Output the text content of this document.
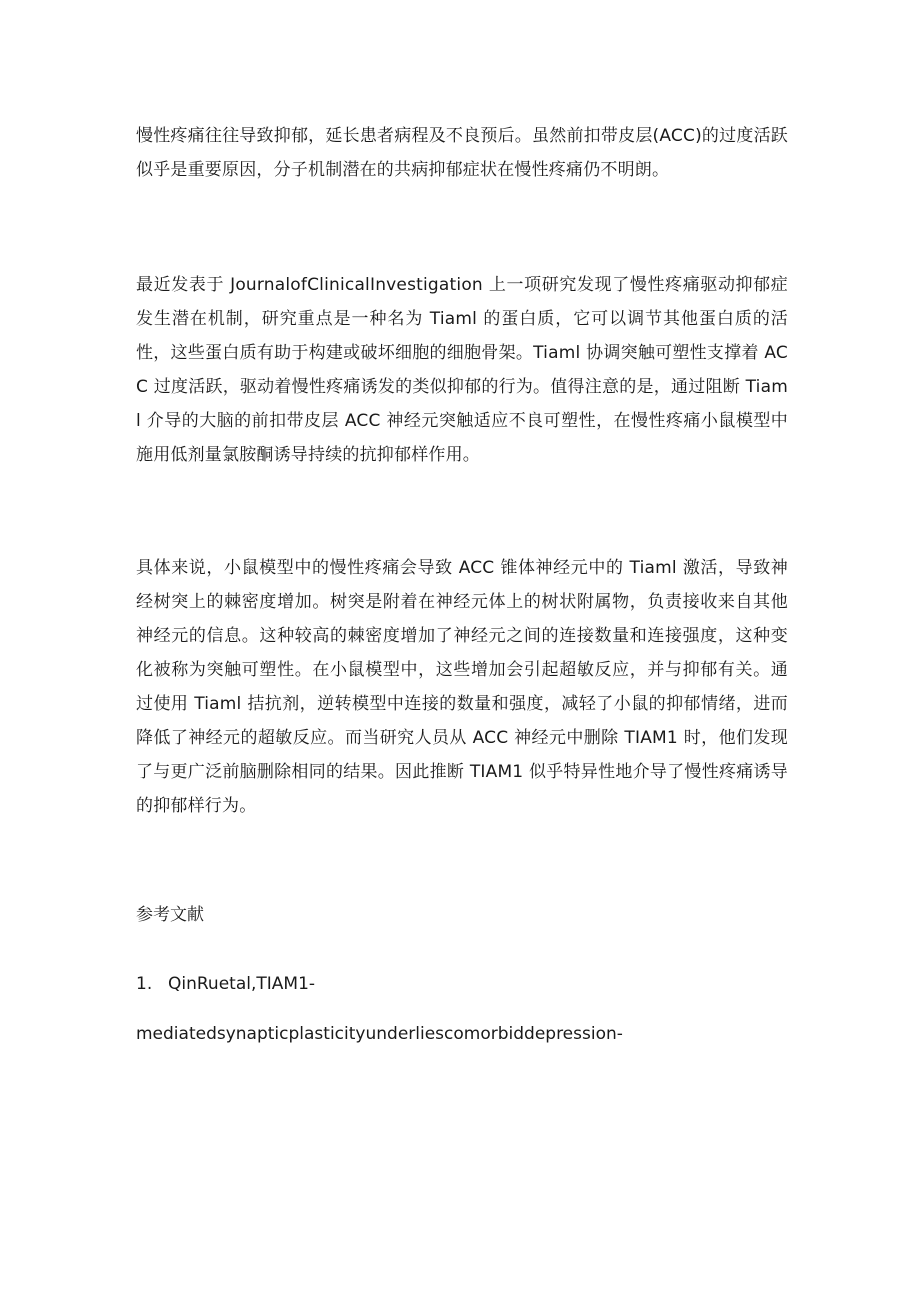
慢性疼痛往往导致抑郁，延长患者病程及不良预后。虽然前扣带皮层(ACC)的过度活跃似乎是重要原因，分子机制潜在的共病抑郁症状在慢性疼痛仍不明朗。

最近发表于 JournalofClinicalInvestigation 上一项研究发现了慢性疼痛驱动抑郁症发生潜在机制，研究重点是一种名为 Tiaml 的蛋白质，它可以调节其他蛋白质的活性，这些蛋白质有助于构建或破坏细胞的细胞骨架。Tiaml 协调突触可塑性支撑着 ACC 过度活跃，驱动着慢性疼痛诱发的类似抑郁的行为。值得注意的是，通过阻断 Tiaml 介导的大脑的前扣带皮层 ACC 神经元突触适应不良可塑性，在慢性疼痛小鼠模型中施用低剂量氯胺酮诱导持续的抗抑郁样作用。

具体来说，小鼠模型中的慢性疼痛会导致 ACC 锥体神经元中的 Tiaml 激活，导致神经树突上的棘密度增加。树突是附着在神经元体上的树状附属物，负责接收来自其他神经元的信息。这种较高的棘密度增加了神经元之间的连接数量和连接强度，这种变化被称为突触可塑性。在小鼠模型中，这些增加会引起超敏反应，并与抑郁有关。通过使用 Tiaml 拮抗剂，逆转模型中连接的数量和强度，减轻了小鼠的抑郁情绪，进而降低了神经元的超敏反应。而当研究人员从 ACC 神经元中删除 TIAM1 时，他们发现了与更广泛前脑删除相同的结果。因此推断 TIAM1 似乎特异性地介导了慢性疼痛诱导的抑郁样行为。

参考文献

1. QinRuetal,TIAM1-
mediatedsynapticplasticityunderliescomorbiddepression-
